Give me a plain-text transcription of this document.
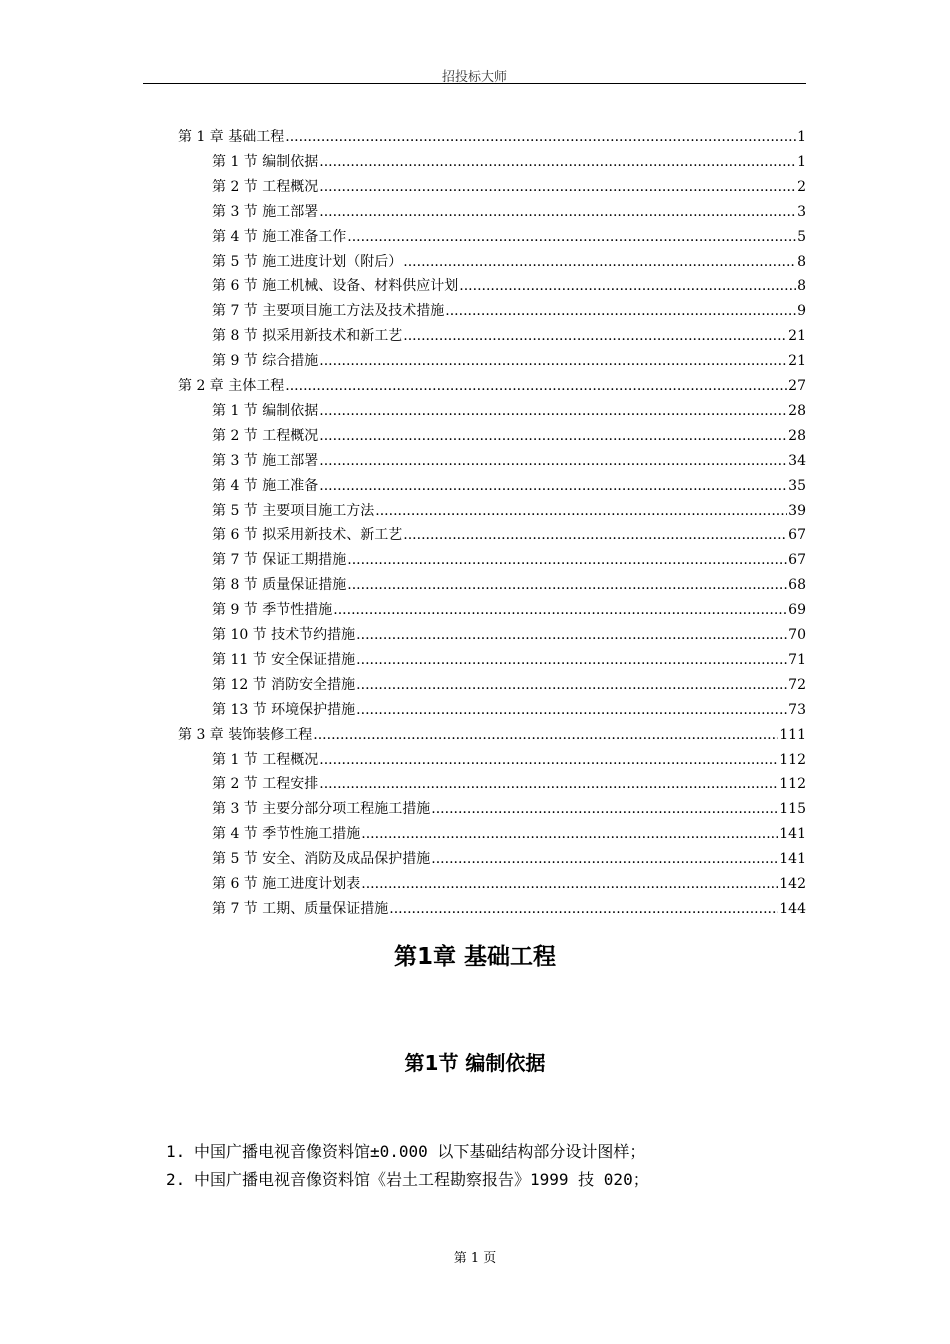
招投标大师
第 1 章 基础工程 .....	1
第 1 节 编制依据 .....	1
第 2 节 工程概况 .....	2
第 3 节 施工部署 .....	3
第 4 节 施工准备工作 .....	5
第 5 节 施工进度计划（附后） .....	8
第 6 节 施工机械、设备、材料供应计划 .....	8
第 7 节 主要项目施工方法及技术措施 .....	9
第 8 节 拟采用新技术和新工艺 .....	21
第 9 节 综合措施 .....	21
第 2 章 主体工程 .....	27
第 1 节 编制依据 .....	28
第 2 节 工程概况 .....	28
第 3 节 施工部署 .....	34
第 4 节 施工准备 .....	35
第 5 节 主要项目施工方法 .....	39
第 6 节 拟采用新技术、新工艺 .....	67
第 7 节 保证工期措施 .....	67
第 8 节 质量保证措施 .....	68
第 9 节 季节性措施 .....	69
第 10 节 技术节约措施 .....	70
第 11 节 安全保证措施 .....	71
第 12 节 消防安全措施 .....	72
第 13 节 环境保护措施 .....	73
第 3 章 装饰装修工程 .....	111
第 1 节 工程概况 .....	112
第 2 节 工程安排 .....	112
第 3 节 主要分部分项工程施工措施 .....	115
第 4 节 季节性施工措施 .....	141
第 5 节 安全、消防及成品保护措施 .....	141
第 6 节 施工进度计划表 .....	142
第 7 节 工期、质量保证措施 .....	144
第1章 基础工程
第1节 编制依据
1. 中国广播电视音像资料馆±0.000 以下基础结构部分设计图样；
2. 中国广播电视音像资料馆《岩土工程勘察报告》1999 技 020；
第 1 页
